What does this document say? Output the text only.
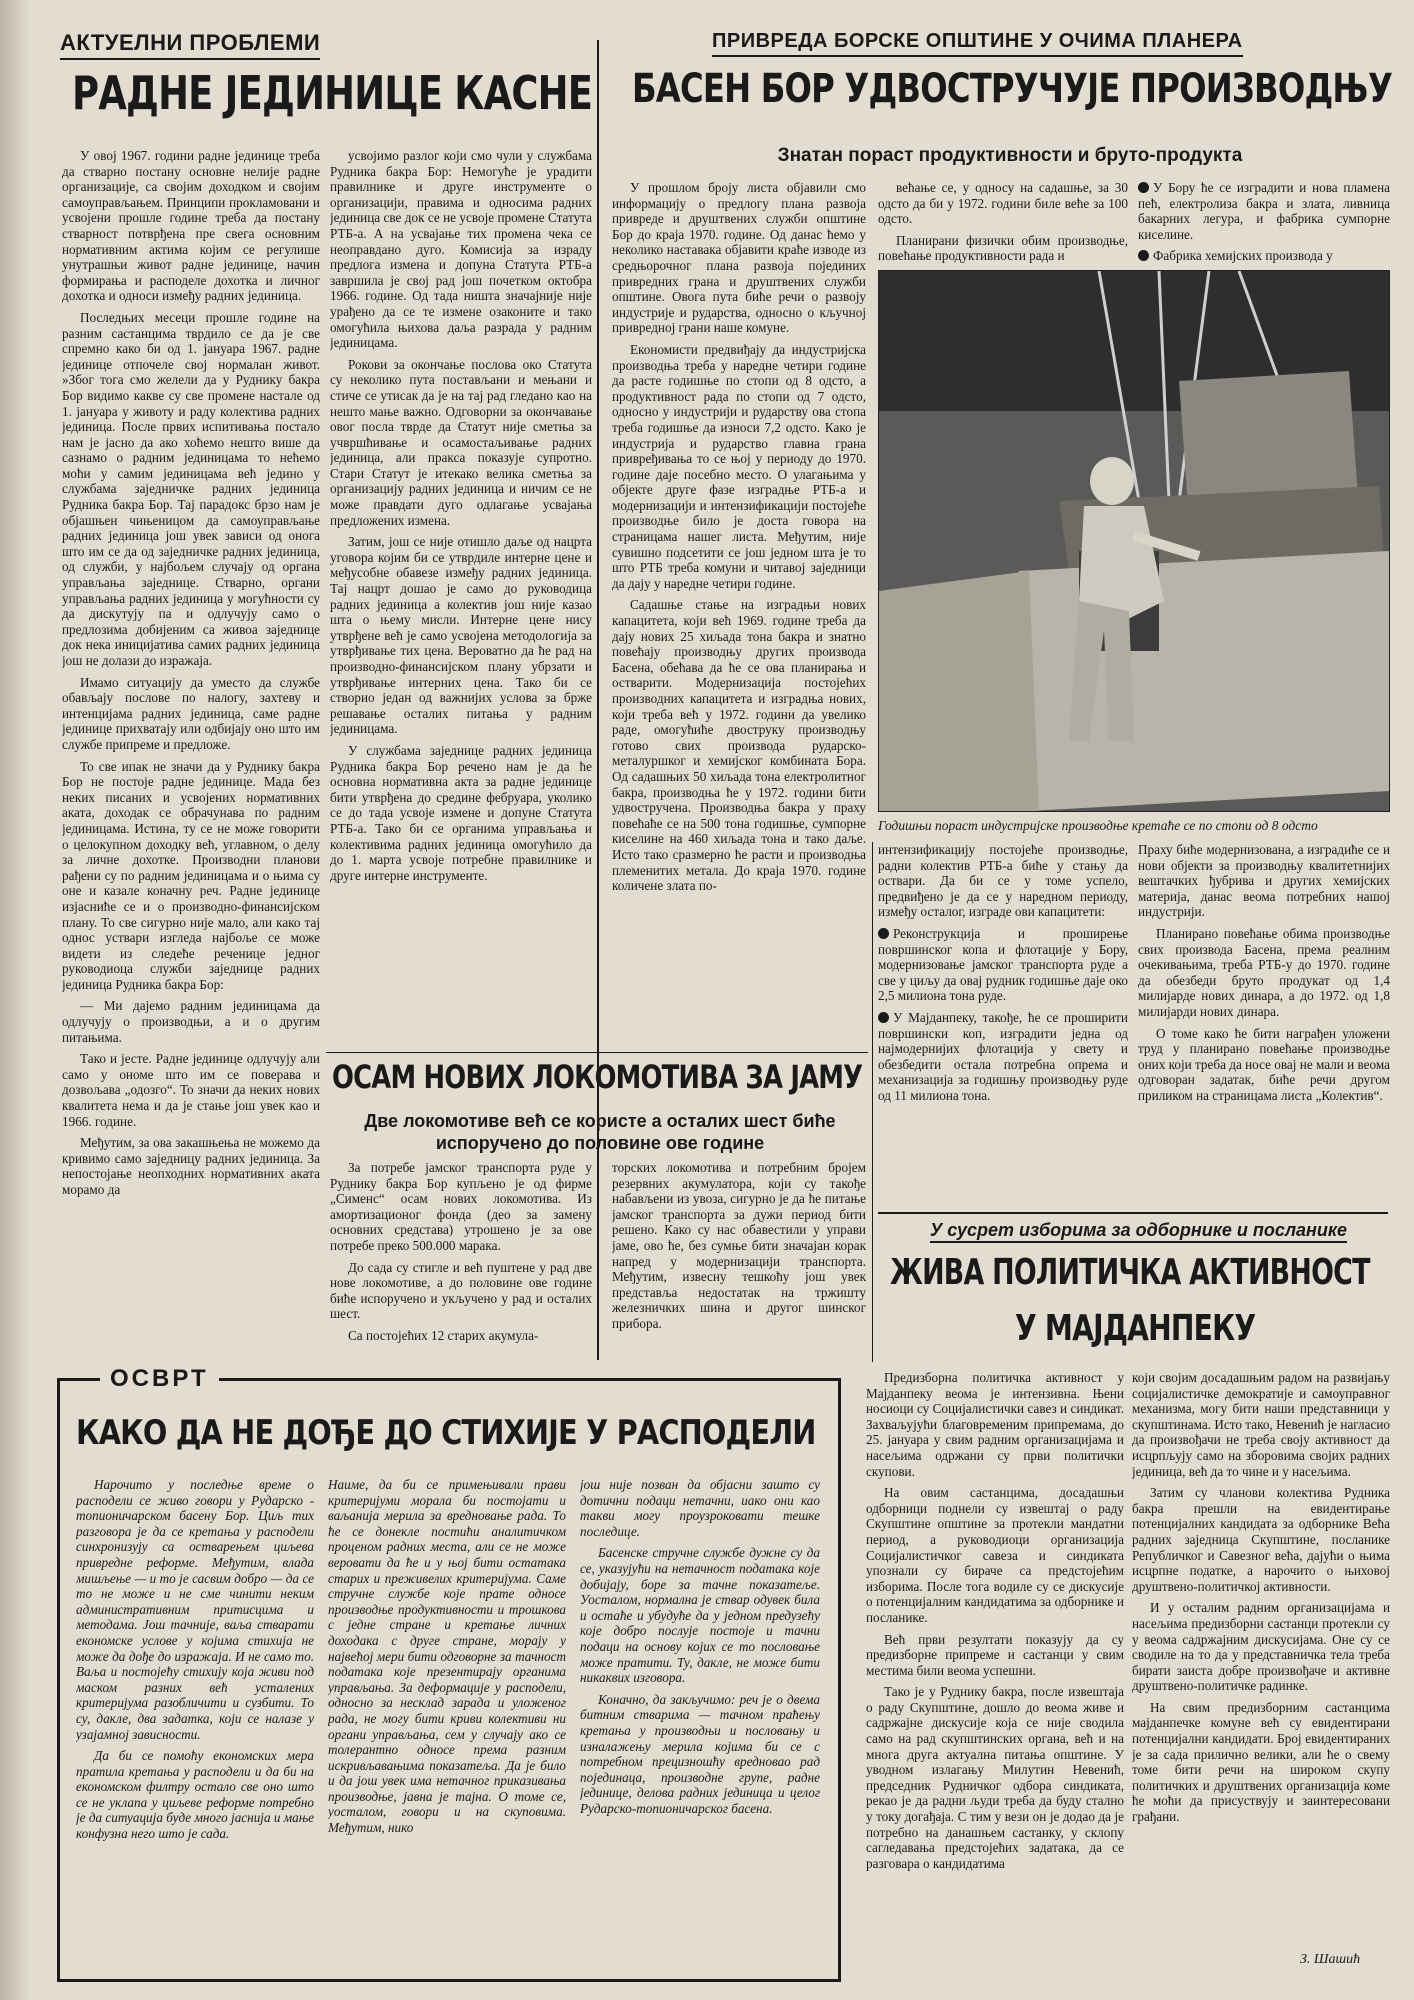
АКТУЕЛНИ ПРОБЛЕМИ
РАДНЕ ЈЕДИНИЦЕ КАСНЕ

У овој 1967. години радне јединице треба да стварно постану основне нелије радне организације, са својим доходком и својим самоуправљањем. Принципи прокламовани и усвојени прошле године треба да постану стварност потврђена пре свега основним нормативним актима којим се регулише унутрашњи живот радне јединице, начин формирања и расподеле дохотка и личног дохотка и односи између радних јединица.

Последњих месеци прошле године на разним састанцима тврдило се да је све спремно како би од 1. јануара 1967. радне јединице отпочеле свој нормалан живот. »Због тога смо желели да у Руднику бакра Бор видимо какве су све промене настале од 1. јануара у животу и раду колектива радних јединица. После првих испитивања постало нам је јасно да ако хоћемо нешто више да сазнамо о радним јединицама то нећемо моћи у самим јединицама већ једино у службама заједничке радних јединица Рудника бакра Бор. Тај парадокс брзо нам је објашњен чињеницом да самоуправљање радних јединица још увек зависи од онога што им се да од заједничке радних јединица, од служби, у најбољем случају од органа управљања заједнице. Стварно, органи управљања радних јединица у могућности су да дискутују па и одлучују само о предлозима добијеним са живоа заједнице док нека иницијатива самих радних јединица још не долази до изражаја.

Имамо ситуацију да уместо да службе обављају послове по налогу, захтеву и интенцијама радних јединица, саме радне јединице прихватају или одбијају оно што им службе припреме и предложе.

То све ипак не значи да у Руднику бакра Бор не постоје радне јединице. Мада без неких писаних и усвојених нормативних аката, доходак се обрачунава по радним јединицама. Истина, ту се не може говорити о целокупном доходку већ, углавном, о делу за личне дохотке. Производни планови рађени су по радним јединицама и о њима су оне и казале коначну реч. Радне јединице изјасниће се и о производно-финансијском плану. То све сигурно није мало, али како тај однос уствари изгледа најбоље се може видети из следеће реченице једног руководиоца служби заједнице радних јединица Рудника бакра Бор:

— Ми дајемо радним јединицама да одлучују о производњи, а и о другим питањима.

Тако и јесте. Радне јединице одлучују али само у ономе што им се поверава и дозвољава „одозго“. То значи да неких нових квалитета нема и да је стање још увек као и 1966. године.

Међутим, за ова закашњења не можемо да кривимо само заједницу радних јединица. За непостојање неопходних нормативних аката морамо да

усвојимо разлог који смо чули у службама Рудника бакра Бор: Немогуће је урадити правилнике и друге инструменте о организацији, правима и односима радних јединица све док се не усвоје промене Статута РТБ-а. А на усвајање тих промена чека се неоправдано дуго. Комисија за израду предлога измена и допуна Статута РТБ-а завршила је свој рад још почетком октобра 1966. године. Од тада ништа значајније није урађено да се те измене озаконите и тако омогућила њихова даља разрада у радним јединицама.

Рокови за окончање послова око Статута су неколико пута постављани и мењани и стиче се утисак да је на тај рад гледано као на нешто мање важно. Одговорни за окончавање овог посла тврде да Статут није сметња за учвршћивање и осамостаљивање радних јединица, али пракса показује супротно. Стари Статут је итекако велика сметња за организацију радних јединица и ничим се не може правдати дуго одлагање усвајања предложених измена.

Затим, још се није отишло даље од нацрта уговора којим би се утврдиле интерне цене и међусобне обавезе између радних јединица. Тај нацрт дошао је само до руководица радних јединица а колектив још није казао шта о њему мисли. Интерне цене нису утврђене већ је само усвојена методологија за утврђивање тих цена. Вероватно да ће рад на производно-финансијском плану убрзати и утврђивање интерних цена. Тако би се створио један од важнијих услова за брже решавање осталих питања у радним јединицама.

У службама заједнице радних јединица Рудника бакра Бор речено нам је да ће основна нормативна акта за радне јединице бити утврђена до средине фебруара, уколико се до тада усвоје измене и допуне Статута РТБ-а. Тако би се органима управљања и колективима радних јединица омогућило да до 1. марта усвоје потребне правилнике и друге интерне инструменте.

ПРИВРЕДА БОРСКЕ ОПШТИНЕ У ОЧИМА ПЛАНЕРА
БАСЕН БОР УДВОСТРУЧУЈЕ ПРОИЗВОДЊУ
Знатан пораст продуктивности и бруто-продукта

У прошлом броју листа објавили смо информацију о предлогу плана развоја привреде и друштвених служби општине Бор до краја 1970. године. Од данас ћемо у неколико наставака објавити краће изводе из средњорочног плана развоја појединих привредних грана и друштвених служби општине. Овога пута биће речи о развоју индустрије и рударства, односно о кључној привредној грани наше комуне.

Економисти предвиђају да индустријска производња треба у наредне четири године да расте годишње по стопи од 8 одсто, а продуктивност рада по стопи од 7 одсто, односно у индустрији и рударству ова стопа треба годишње да износи 7,2 одсто. Како је индустрија и рударство главна грана привређивања то се њој у периоду до 1970. године даје посебно место. О улагањима у објекте друге фазе изградње РТБ-а и модернизацији и интензификацији постојеће производње било је доста говора на страницама нашег листа. Међутим, није сувишно подсетити се још једном шта је то што РТБ треба комуни и читавој заједници да дају у наредне четири године.

Садашње стање на изградњи нових капацитета, који већ 1969. године треба да дају нових 25 хиљада тона бакра и знатно повећају производњу других производа Басена, обећава да ће се ова планирања и остварити. Модернизација постојећих производних капацитета и изградња нових, који треба већ у 1972. години да увелико раде, омогућиће двоструку производњу готово свих производа рударско-металуршког и хемијског комбината Бора. Од садашњих 50 хиљада тона електролитног бакра, производња ће у 1972. години бити удвостручена. Производња бакра у праху повећаће се на 500 тона годишње, сумпорне киселине на 460 хиљада тона и тако даље. Исто тако сразмерно ће расти и производња племенитих метала. До краја 1970. године количене злата по-

већање се, у односу на садашње, за 30 одсто да би у 1972. години биле веће за 100 одсто.

Планирани физички обим производње, повећање продуктивности рада и

У Бору ће се изградити и нова пламена пећ, електролиза бакра и злата, ливница бакарних легура, и фабрика сумпорне киселине.

Фабрика хемијских производа у

Годишњи пораст индустријске производње кретаће се по стопи од 8 одсто

интензификацију постојеће производње, радни колектив РТБ-а биће у стању да оствари. Да би се у томе успело, предвиђено је да се у наредном периоду, између осталог, изграде ови капацитети:

Реконструкција и проширење површинског копа и флотације у Бору, модернизовање јамског транспорта руде а све у циљу да овај рудник годишње даје око 2,5 милиона тона руде.

У Мајданпеку, такође, ће се проширити површински коп, изградити једна од најмодернијих флотација у свету и обезбедити остала потребна опрема и механизација за годишњу производњу руде од 11 милиона тона.

Праху биће модернизована, а изградиће се и нови објекти за производњу квалитетнијих вештачких ђубрива и других хемијских материја, данас веома потребних нашој индустрији.

Планирано повећање обима производње свих производа Басена, према реалним очекивањима, треба РТБ-у до 1970. године да обезбеди бруто продукат од 1,4 милијарде нових динара, а до 1972. од 1,8 милијарди нових динара.

О томе како ће бити награђен уложени труд у планирано повећање производње оних који треба да носе овај не мали и веома одговоран задатак, биће речи другом приликом на страницама листа „Колектив“.

ОСАМ НОВИХ ЛОКОМОТИВА ЗА ЈАМУ
Две локомотиве већ се користе а осталих шест биће испоручено до половине ове године

За потребе јамског транспорта руде у Руднику бакра Бор купљено је од фирме „Сименс“ осам нових локомотива. Из амортизационог фонда (део за замену основних средстава) утрошено је за ове потребе преко 500.000 марака.

До сада су стигле и већ пуштене у рад две нове локомотиве, а до половине ове године биће испоручено и укључено у рад и осталих шест.

Са постојећих 12 старих акумула-

торских локомотива и потребним бројем резервних акумулатора, који су такође набављени из увоза, сигурно је да ће питање јамског транспорта за дужи период бити решено. Како су нас обавестили у управи јаме, ово ће, без сумње бити значајан корак напред у модернизацији транспорта. Међутим, извесну тешкоћу још увек представља недостатак на тржишту железничких шина и другог шинског прибора.

У сусрет изборима за одборнике и посланике
ЖИВА ПОЛИТИЧКА АКТИВНОСТ
У МАЈДАНПЕКУ

Предизборна политичка активност у Мајданпеку веома је интензивна. Њени носиоци су Социјалистички савез и синдикат. Захваљујући благовременим припремама, до 25. јануара у свим радним организацијама и насељима одржани су први политички скупови.

На овим састанцима, досадашњи одборници поднели су извештај о раду Скупштине општине за протекли мандатни период, а руководиоци организација Социјалистичког савеза и синдиката упознали су бираче са предстојећим изборима. После тога водиле су се дискусије о потенцијалним кандидатима за одборнике и посланике.

Већ први резултати показују да су предизборне припреме и састанци у свим местима били веома успешни.

Тако је у Руднику бакра, после извештаја о раду Скупштине, дошло до веома живе и садржајне дискусије која се није сводила само на рад скупштинских органа, већ и на многа друга актуална питања општине. У уводном излагању Милутин Невенић, председник Рудничког одбора синдиката, рекао је да радни људи треба да буду стално у току догађаја. С тим у вези он је додао да је потребно на данашњем састанку, у склопу сагледавања предстојећих задатака, да се разговара о кандидатима

који својим досадашњим радом на развијању социјалистичке демократије и самоуправног механизма, могу бити наши представници у скупштинама. Исто тако, Невенић је нагласио да произвођачи не треба своју активност да исцрпљују само на зборовима својих радних јединица, већ да то чине и у насељима.

Затим су чланови колектива Рудника бакра прешли на евидентирање потенцијалних кандидата за одборнике Већа радних заједница Скупштине, посланике Републичког и Савезног већа, дајући о њима исцрпне податке, а нарочито о њиховој друштвено-политичкој активности.

И у осталим радним организацијама и насељима предизборни састанци протекли су у веома садржајним дискусијама. Оне су се сводиле на то да у представничка тела треба бирати заиста добре произвођаче и активне друштвено-политичке радинке.

На свим предизборним састанцима мајданпечке комуне већ су евидентирани потенцијални кандидати. Број евидентираних је за сада прилично велики, али ће о свему томе бити речи на широком скупу политичких и друштвених организација коме ће моћи да присуствују и заинтересовани грађани.

З. Шашић
ОСВРТ
КАКО ДА НЕ ДОЂЕ ДО СТИХИЈЕ У РАСПОДЕЛИ

Нарочито у последње време о расподели се живо говори у Рударско - топионичарском басену Бор. Циљ тих разговора је да се кретања у расподели синхронизују са остварењем циљева привредне реформе. Међутим, влада мишљење — и то је сасвим добро — да се то не може и не сме чинити неким административним притисцима и методама. Још тачније, ваља стварати економске услове у којима стихија не може да дође до изражаја. И не само то. Ваља и постојећу стихију која живи под маском разних већ усталених критеријума разобличити и сузбити. То су, дакле, два задатка, који се налазе у узајамној зависности.

Да би се помоћу економских мера пратила кретања у расподели и да би на економском филтру остало све оно што се не уклапа у циљеве реформе потребно је да ситуација буде много јаснија и мање конфузна него што је сада.

Наиме, да би се примењивали прави критеријуми морала би постојати и ваљанија мерила за вредновање рада. То ће се донекле постићи аналитичком проценом радних места, али се не може веровати да ће и у њој бити остатака старих и преживелих критеријума. Саме стручне службе које прате односе производње продуктивности и трошкова с једне стране и кретање личних доходака с друге стране, морају у највећој мери бити одговорне за тачност података које презентирају органима управљања. За деформације у расподели, односно за несклад зарада и уложеног рада, не могу бити криви колективи ни органи управљања, сем у случају ако се толерантно односе према разним искривљавањима показатеља. Да је било и да још увек има нетачног приказивања производње, јавна је тајна. О томе се, уосталом, говори и на скуповима. Међутим, нико

још није позван да објасни зашто су дотични подаци нетачни, иако они као такви могу проузроковати тешке последице.

Басенске стручне службе дужне су да се, указујући на нетачност података које добијају, боре за тачне показатеље. Уосталом, нормална је ствар одувек била и остаће и убудуће да у једном предузећу које добро послује постоје и тачни подаци на основу којих се то пословање може пратити. Ту, дакле, не може бити никаквих изговора.

Коначно, да закључимо: реч је о двема битним стварима — тачном праћењу кретања у производњи и пословању и изналажењу мерила којима би се с потребном прецизношћу вредновао рад појединаца, производне групе, радне јединице, делова радних јединица и целог Рударско-топионичарског басена.
